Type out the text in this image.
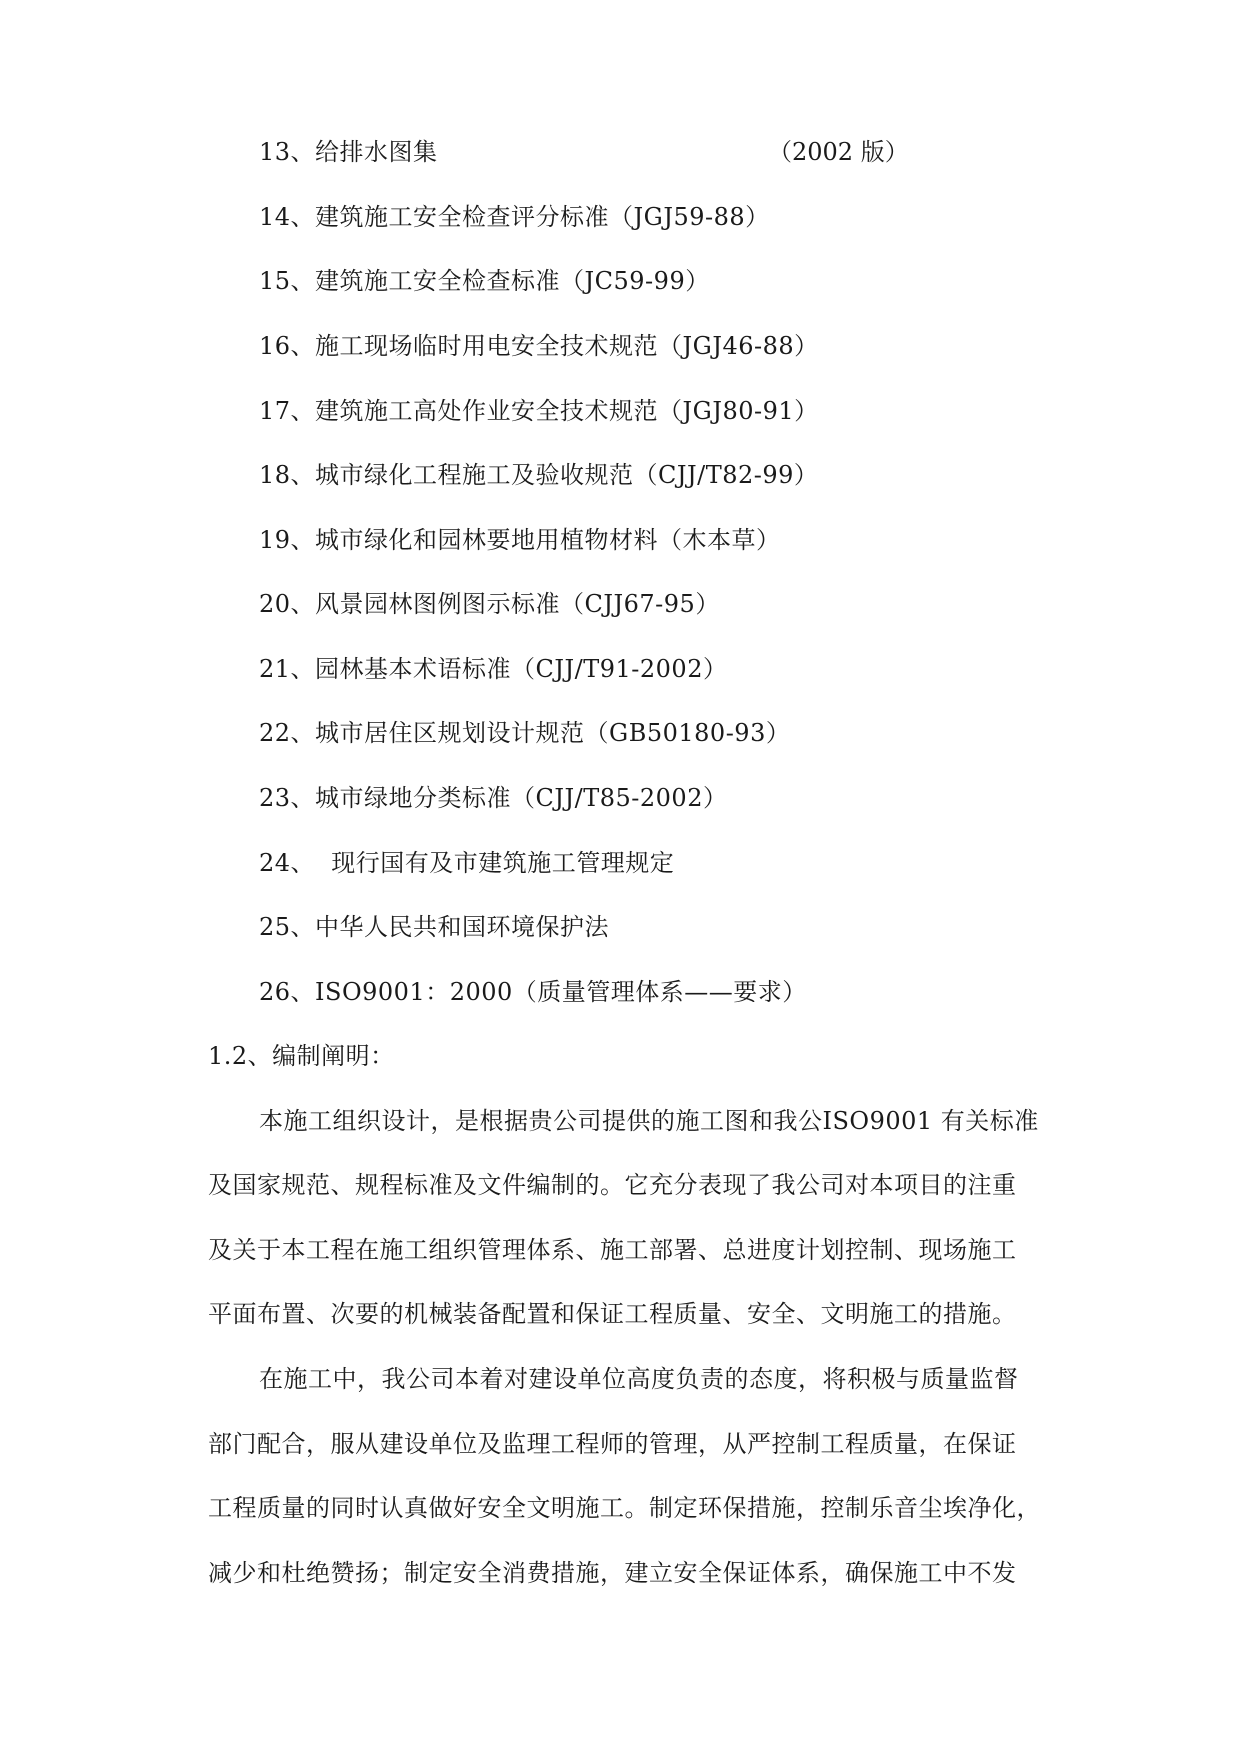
13、给排水图集	（2002 版）
14、建筑施工安全检查评分标准（JGJ59-88）
15、建筑施工安全检查标准（JC59-99）
16、施工现场临时用电安全技术规范（JGJ46-88）
17、建筑施工高处作业安全技术规范（JGJ80-91）
18、城市绿化工程施工及验收规范（CJJ/T82-99）
19、城市绿化和园林要地用植物材料（木本草）
20、风景园林图例图示标准（CJJ67-95）
21、园林基本术语标准（CJJ/T91-2002）
22、城市居住区规划设计规范（GB50180-93）
23、城市绿地分类标准（CJJ/T85-2002）
24、  现行国有及市建筑施工管理规定
25、中华人民共和国环境保护法
26、ISO9001：2000（质量管理体系——要求）
1.2、编制阐明：
本施工组织设计，是根据贵公司提供的施工图和我公ISO9001 有关标准
及国家规范、规程标准及文件编制的。它充分表现了我公司对本项目的注重
及关于本工程在施工组织管理体系、施工部署、总进度计划控制、现场施工
平面布置、次要的机械装备配置和保证工程质量、安全、文明施工的措施。
在施工中，我公司本着对建设单位高度负责的态度，将积极与质量监督
部门配合，服从建设单位及监理工程师的管理，从严控制工程质量，在保证
工程质量的同时认真做好安全文明施工。制定环保措施，控制乐音尘埃净化，
减少和杜绝赞扬；制定安全消费措施，建立安全保证体系，确保施工中不发
